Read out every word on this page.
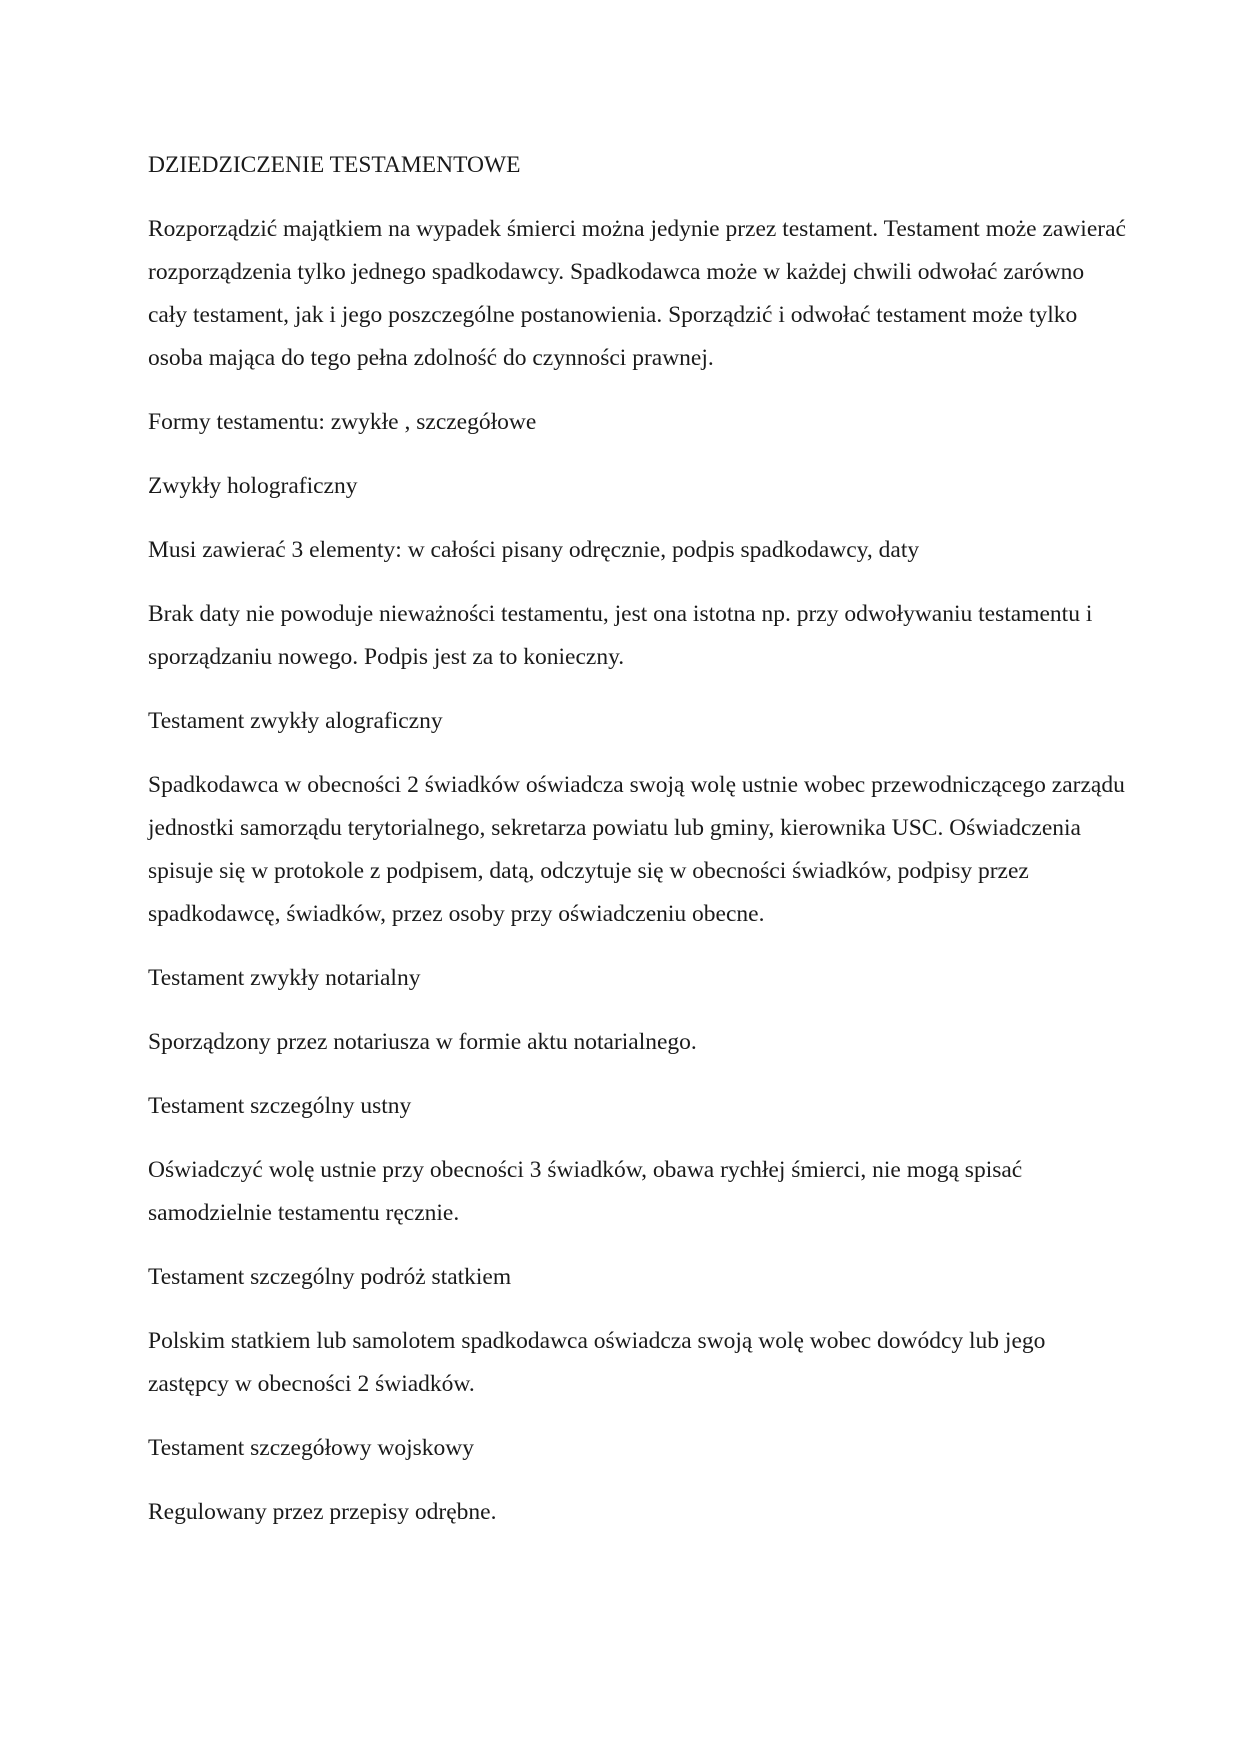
DZIEDZICZENIE TESTAMENTOWE

Rozporządzić majątkiem na wypadek śmierci można jedynie przez testament. Testament może zawierać rozporządzenia tylko jednego spadkodawcy. Spadkodawca może w każdej chwili odwołać zarówno cały testament, jak i jego poszczególne postanowienia. Sporządzić i odwołać testament może tylko osoba mająca do tego pełna zdolność do czynności prawnej.

Formy testamentu: zwykłe , szczegółowe

Zwykły holograficzny

Musi zawierać 3 elementy: w całości pisany odręcznie, podpis spadkodawcy, daty

Brak daty nie powoduje nieważności testamentu, jest ona istotna np. przy odwoływaniu testamentu i sporządzaniu nowego. Podpis jest za to konieczny.

Testament zwykły alograficzny

Spadkodawca w obecności 2 świadków oświadcza swoją wolę ustnie wobec przewodniczącego zarządu jednostki samorządu terytorialnego, sekretarza powiatu lub gminy, kierownika USC. Oświadczenia spisuje się w protokole z podpisem, datą, odczytuje się w obecności świadków, podpisy przez spadkodawcę, świadków, przez osoby przy oświadczeniu obecne.

Testament zwykły notarialny

Sporządzony przez notariusza w formie aktu notarialnego.

Testament szczególny ustny

Oświadczyć wolę ustnie przy obecności 3 świadków, obawa rychłej śmierci, nie mogą spisać samodzielnie testamentu ręcznie.

Testament szczególny podróż statkiem

Polskim statkiem lub samolotem spadkodawca oświadcza swoją wolę wobec dowódcy lub jego zastępcy w obecności 2 świadków.

Testament szczegółowy wojskowy

Regulowany przez przepisy odrębne.
